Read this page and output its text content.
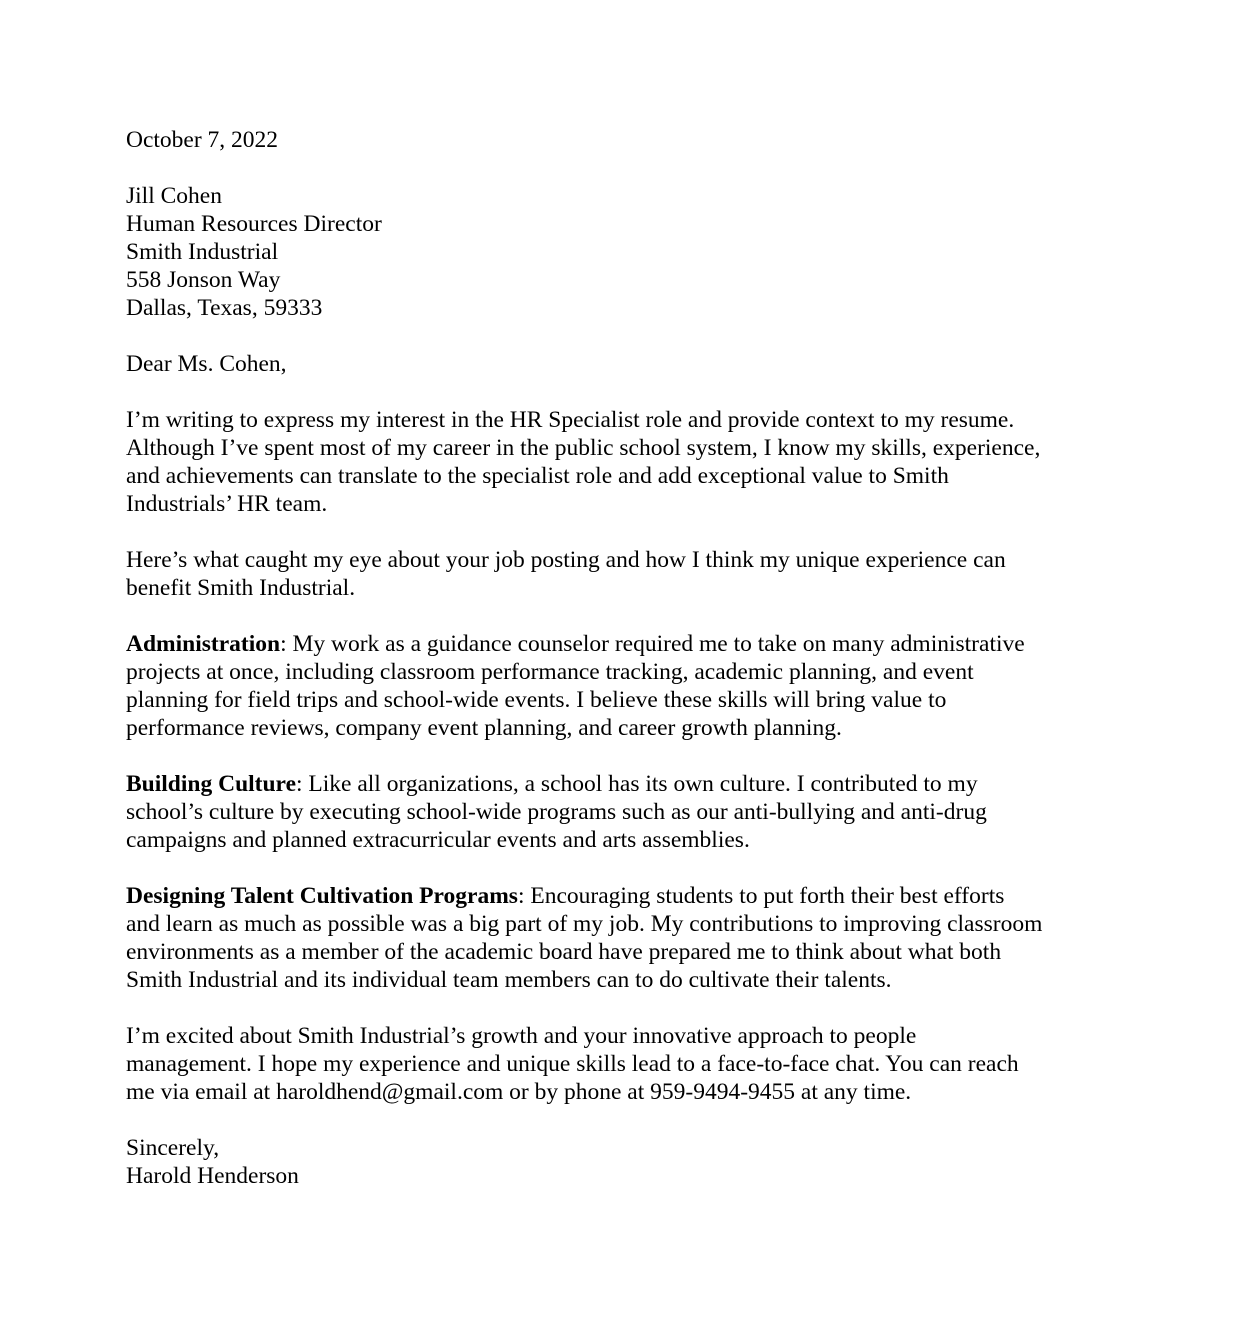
October 7, 2022
Jill Cohen
Human Resources Director
Smith Industrial
558 Jonson Way
Dallas, Texas, 59333
Dear Ms. Cohen,
I’m writing to express my interest in the HR Specialist role and provide context to my resume.
Although I’ve spent most of my career in the public school system, I know my skills, experience,
and achievements can translate to the specialist role and add exceptional value to Smith
Industrials’ HR team.
Here’s what caught my eye about your job posting and how I think my unique experience can
benefit Smith Industrial.
Administration: My work as a guidance counselor required me to take on many administrative
projects at once, including classroom performance tracking, academic planning, and event
planning for field trips and school-wide events. I believe these skills will bring value to
performance reviews, company event planning, and career growth planning.
Building Culture: Like all organizations, a school has its own culture. I contributed to my
school’s culture by executing school-wide programs such as our anti-bullying and anti-drug
campaigns and planned extracurricular events and arts assemblies.
Designing Talent Cultivation Programs: Encouraging students to put forth their best efforts
and learn as much as possible was a big part of my job. My contributions to improving classroom
environments as a member of the academic board have prepared me to think about what both
Smith Industrial and its individual team members can to do cultivate their talents.
I’m excited about Smith Industrial’s growth and your innovative approach to people
management. I hope my experience and unique skills lead to a face-to-face chat. You can reach
me via email at haroldhend@gmail.com or by phone at 959-9494-9455 at any time.
Sincerely,
Harold Henderson
